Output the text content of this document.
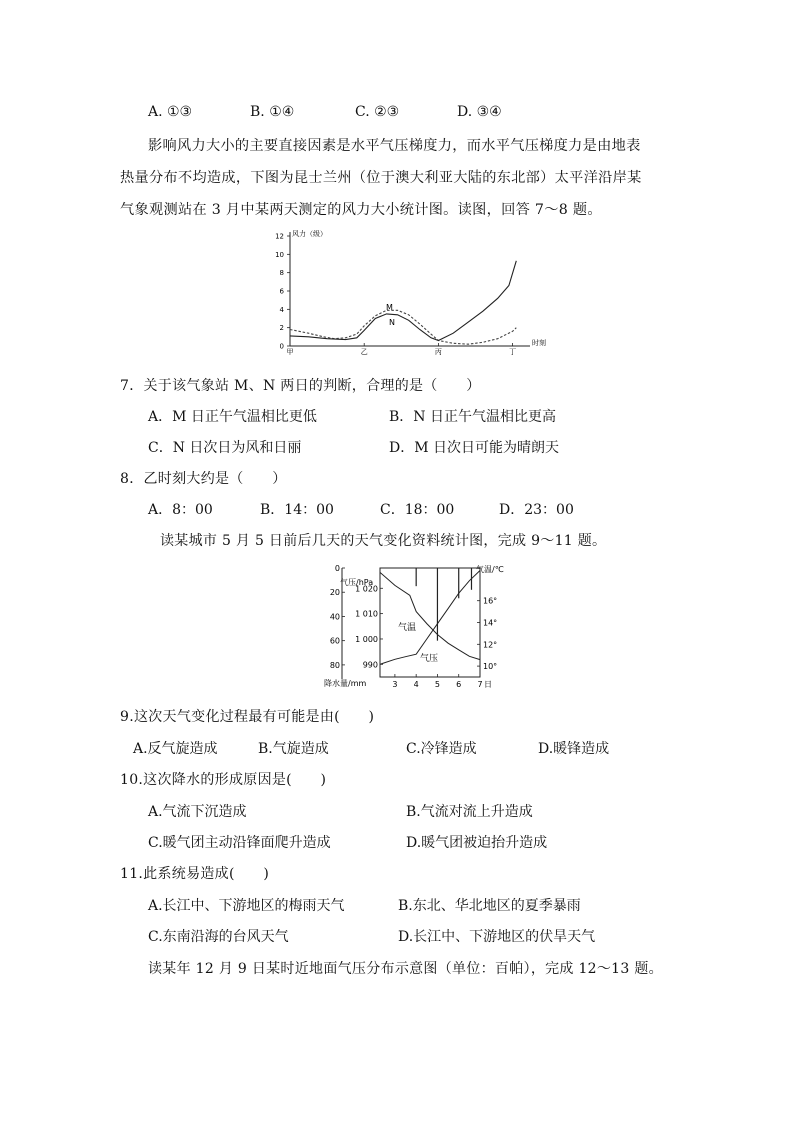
A. ①③	B. ①④	C. ②③	D. ③④
影响风力大小的主要直接因素是水平气压梯度力，而水平气压梯度力是由地表
热量分布不均造成，下图为昆士兰州（位于澳大利亚大陆的东北部）太平洋沿岸某
气象观测站在 3 月中某两天测定的风力大小统计图。读图，回答 7～8 题。
0
2
4
6
8
10
12
甲	乙	丙	丁
风力（级）
时刻
M
N
7．关于该气象站 M、N 两日的判断，合理的是（　　）
A．M 日正午气温相比更低	B．N 日正午气温相比更高
C．N 日次日为风和日丽	D．M 日次日可能为晴朗天
8．乙时刻大约是（　　）
A．8：00	B．14：00	C．18：00	D．23：00
读某城市 5 月 5 日前后几天的天气变化资料统计图，完成 9～11 题。
0
20
40
60
80
1 020
1 010
1 000
990
16°
14°
12°
10°
3 4 5 6 7
气压/hPa
气温/℃
降水量/mm	日
气温
气压
9.这次天气变化过程最有可能是由(　　)
A.反气旋造成	B.气旋造成	C.冷锋造成	D.暖锋造成
10.这次降水的形成原因是(　　)
A.气流下沉造成	B.气流对流上升造成
C.暖气团主动沿锋面爬升造成	D.暖气团被迫抬升造成
11.此系统易造成(　　)
A.长江中、下游地区的梅雨天气	B.东北、华北地区的夏季暴雨
C.东南沿海的台风天气	D.长江中、下游地区的伏旱天气
读某年 12 月 9 日某时近地面气压分布示意图（单位：百帕），完成 12～13 题。
